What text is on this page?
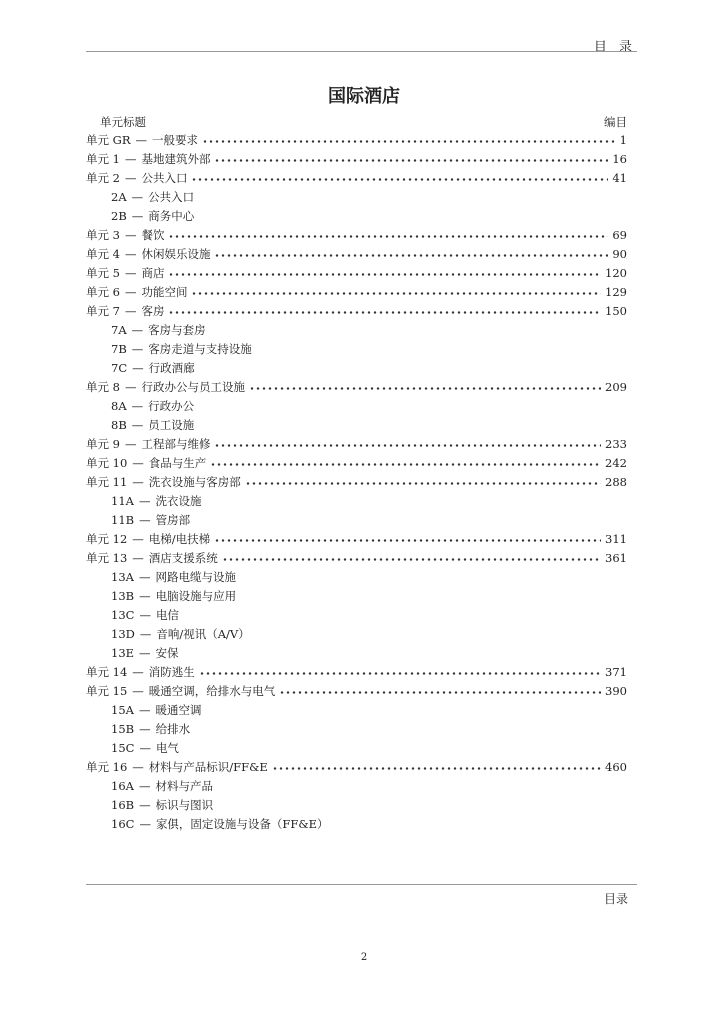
目 录
国际酒店
单元标题	编目
单元 GR — 一般要求	1
单元 1 — 基地建筑外部	16
单元 2 — 公共入口	41
2A — 公共入口
2B — 商务中心
单元 3 — 餐饮	69
单元 4 — 休闲娱乐设施	90
单元 5 — 商店	120
单元 6 — 功能空间	129
单元 7 — 客房	150
7A — 客房与套房
7B — 客房走道与支持设施
7C — 行政酒廊
单元 8 — 行政办公与员工设施	209
8A — 行政办公
8B — 员工设施
单元 9 — 工程部与维修	233
单元 10 — 食品与生产	242
单元 11 — 洗衣设施与客房部	288
11A — 洗衣设施
11B — 管房部
单元 12 — 电梯/电扶梯	311
单元 13 — 酒店支援系统	361
13A — 网路电缆与设施
13B — 电脑设施与应用
13C — 电信
13D — 音响/视讯（A/V）
13E — 安保
单元 14 — 消防逃生	371
单元 15 — 暖通空调，给排水与电气	390
15A — 暖通空调
15B — 给排水
15C — 电气
单元 16 — 材料与产品标识/FF&E	460
16A — 材料与产品
16B — 标识与图识
16C — 家俱，固定设施与设备（FF&E）
目录
2
